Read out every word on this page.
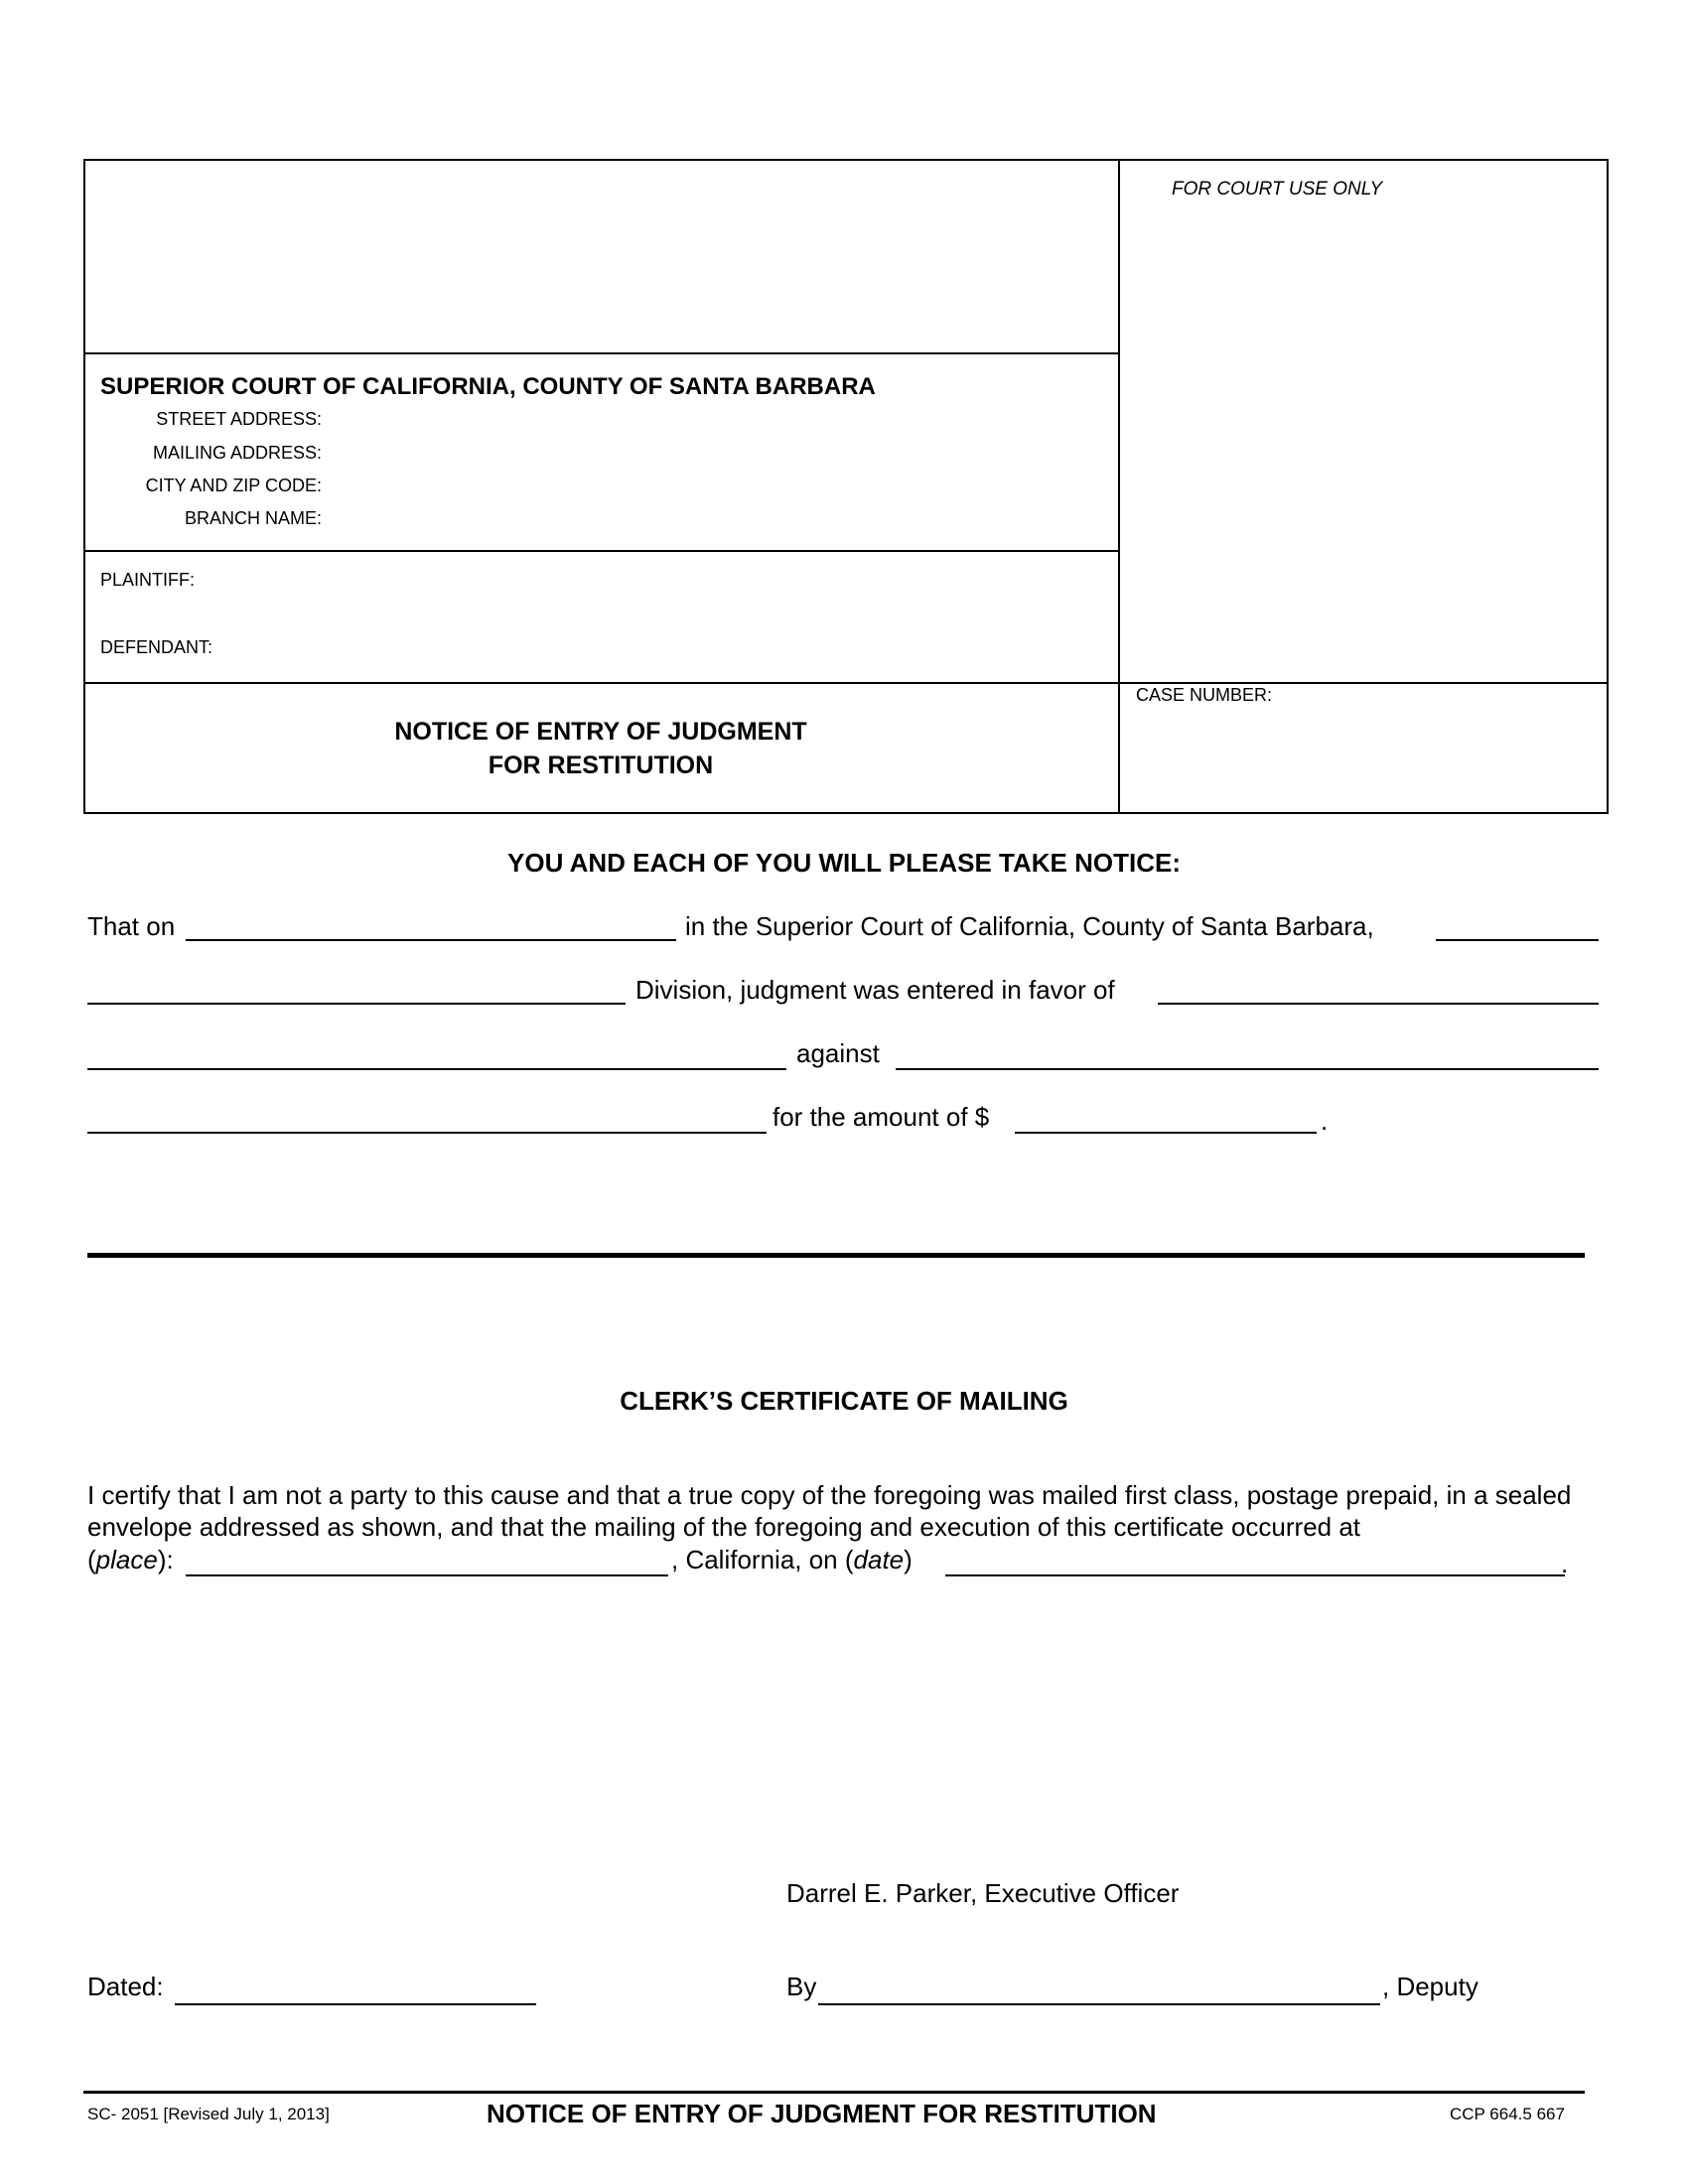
FOR COURT USE ONLY
SUPERIOR COURT OF CALIFORNIA, COUNTY OF SANTA BARBARA
STREET ADDRESS:
MAILING ADDRESS:
CITY AND ZIP CODE:
BRANCH NAME:
PLAINTIFF:
DEFENDANT:
CASE NUMBER:
NOTICE OF ENTRY OF JUDGMENT
FOR RESTITUTION
YOU AND EACH OF YOU WILL PLEASE TAKE NOTICE:
That on	in the Superior Court of California, County of Santa Barbara,
Division, judgment was entered in favor of
against
for the amount of $	.
CLERK’S CERTIFICATE OF MAILING
I certify that I am not a party to this cause and that a true copy of the foregoing was mailed first class, postage prepaid, in a sealed envelope addressed as shown, and that the mailing of the foregoing and execution of this certificate occurred at
(place):	, California, on (date)	.
Darrel E. Parker, Executive Officer
Dated:	By	, Deputy
SC- 2051 [Revised July 1, 2013]	NOTICE OF ENTRY OF JUDGMENT FOR RESTITUTION	CCP 664.5 667
